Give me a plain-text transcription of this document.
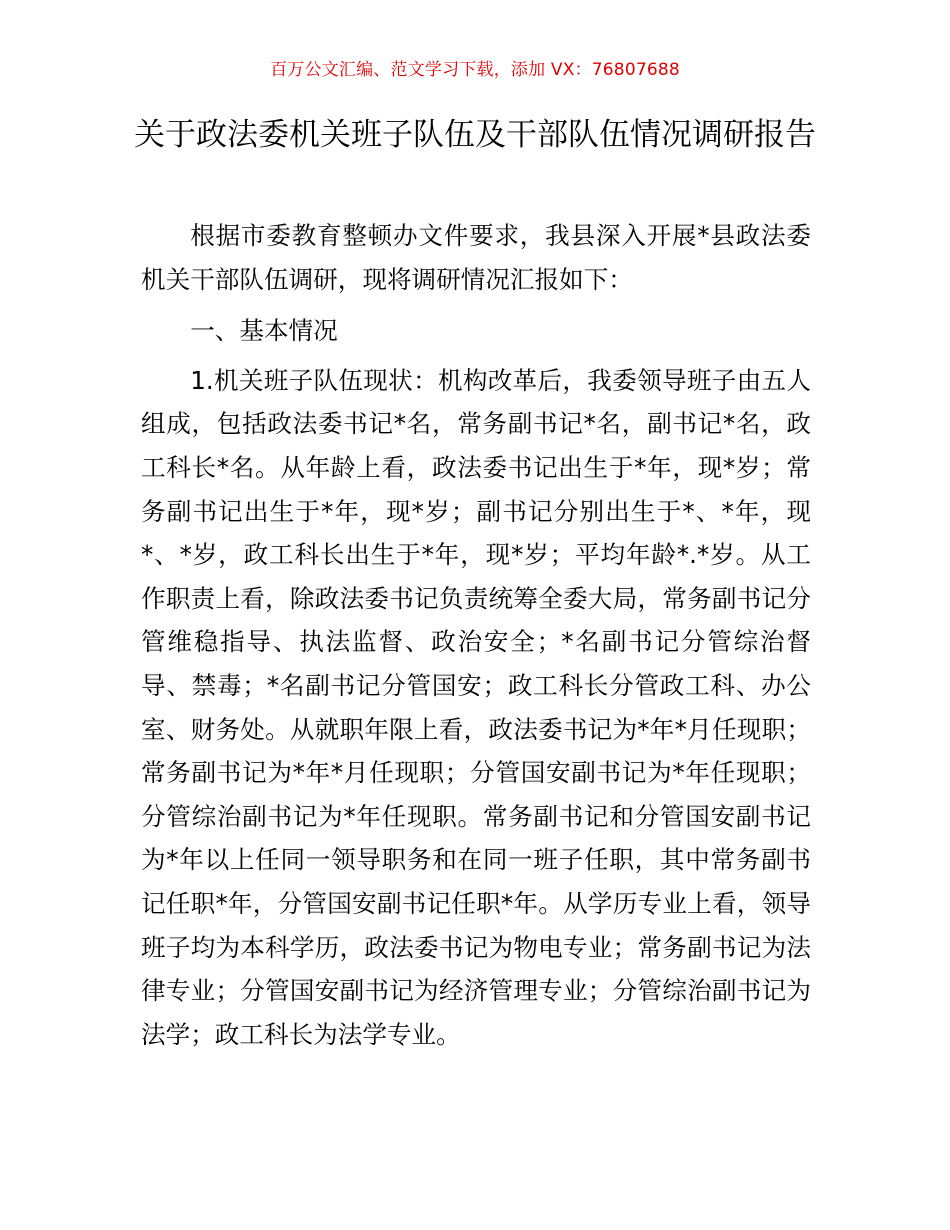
百万公文汇编、范文学习下载，添加 VX：76807688
关于政法委机关班子队伍及干部队伍情况调研报告

根据市委教育整顿办文件要求，我县深入开展*县政法委机关干部队伍调研，现将调研情况汇报如下：

一、基本情况

1.机关班子队伍现状：机构改革后，我委领导班子由五人组成，包括政法委书记*名，常务副书记*名，副书记*名，政工科长*名。从年龄上看，政法委书记出生于*年，现*岁；常务副书记出生于*年，现*岁；副书记分别出生于*、*年，现*、*岁，政工科长出生于*年，现*岁；平均年龄*.*岁。从工作职责上看，除政法委书记负责统筹全委大局，常务副书记分管维稳指导、执法监督、政治安全；*名副书记分管综治督导、禁毒；*名副书记分管国安；政工科长分管政工科、办公室、财务处。从就职年限上看，政法委书记为*年*月任现职；常务副书记为*年*月任现职；分管国安副书记为*年任现职；分管综治副书记为*年任现职。常务副书记和分管国安副书记为*年以上任同一领导职务和在同一班子任职，其中常务副书记任职*年，分管国安副书记任职*年。从学历专业上看，领导班子均为本科学历，政法委书记为物电专业；常务副书记为法律专业；分管国安副书记为经济管理专业；分管综治副书记为法学；政工科长为法学专业。
